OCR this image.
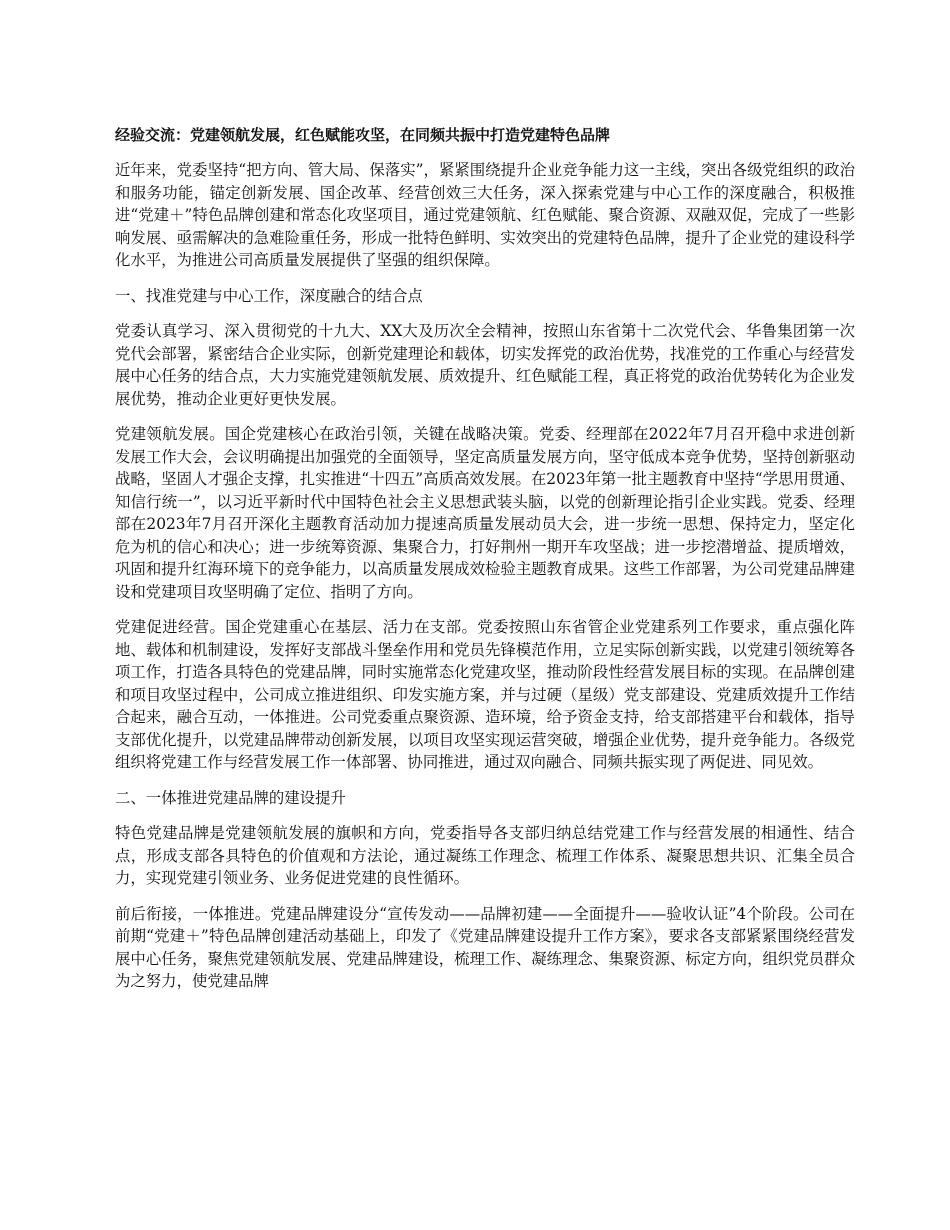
经验交流：党建领航发展，红色赋能攻坚，在同频共振中打造党建特色品牌
近年来，党委坚持“把方向、管大局、保落实”，紧紧围绕提升企业竞争能力这一主线，突出各级党组织的政治和服务功能，锚定创新发展、国企改革、经营创效三大任务，深入探索党建与中心工作的深度融合，积极推进“党建＋”特色品牌创建和常态化攻坚项目，通过党建领航、红色赋能、聚合资源、双融双促，完成了一些影响发展、亟需解决的急难险重任务，形成一批特色鲜明、实效突出的党建特色品牌，提升了企业党的建设科学化水平，为推进公司高质量发展提供了坚强的组织保障。
一、找准党建与中心工作，深度融合的结合点
党委认真学习、深入贯彻党的十九大、XX大及历次全会精神，按照山东省第十二次党代会、华鲁集团第一次党代会部署，紧密结合企业实际，创新党建理论和载体，切实发挥党的政治优势，找准党的工作重心与经营发展中心任务的结合点，大力实施党建领航发展、质效提升、红色赋能工程，真正将党的政治优势转化为企业发展优势，推动企业更好更快发展。
党建领航发展。国企党建核心在政治引领，关键在战略决策。党委、经理部在2022年7月召开稳中求进创新发展工作大会，会议明确提出加强党的全面领导，坚定高质量发展方向，坚守低成本竞争优势，坚持创新驱动战略，坚固人才强企支撑，扎实推进“十四五”高质高效发展。在2023年第一批主题教育中坚持“学思用贯通、知信行统一”，以习近平新时代中国特色社会主义思想武装头脑，以党的创新理论指引企业实践。党委、经理部在2023年7月召开深化主题教育活动加力提速高质量发展动员大会，进一步统一思想、保持定力，坚定化危为机的信心和决心；进一步统筹资源、集聚合力，打好荆州一期开车攻坚战；进一步挖潜增益、提质增效，巩固和提升红海环境下的竞争能力，以高质量发展成效检验主题教育成果。这些工作部署，为公司党建品牌建设和党建项目攻坚明确了定位、指明了方向。
党建促进经营。国企党建重心在基层、活力在支部。党委按照山东省管企业党建系列工作要求，重点强化阵地、载体和机制建设，发挥好支部战斗堡垒作用和党员先锋模范作用，立足实际创新实践，以党建引领统筹各项工作，打造各具特色的党建品牌，同时实施常态化党建攻坚，推动阶段性经营发展目标的实现。在品牌创建和项目攻坚过程中，公司成立推进组织、印发实施方案，并与过硬（星级）党支部建设、党建质效提升工作结合起来，融合互动，一体推进。公司党委重点聚资源、造环境，给予资金支持，给支部搭建平台和载体，指导支部优化提升，以党建品牌带动创新发展，以项目攻坚实现运营突破，增强企业优势，提升竞争能力。各级党组织将党建工作与经营发展工作一体部署、协同推进，通过双向融合、同频共振实现了两促进、同见效。
二、一体推进党建品牌的建设提升
特色党建品牌是党建领航发展的旗帜和方向，党委指导各支部归纳总结党建工作与经营发展的相通性、结合点，形成支部各具特色的价值观和方法论，通过凝练工作理念、梳理工作体系、凝聚思想共识、汇集全员合力，实现党建引领业务、业务促进党建的良性循环。
前后衔接，一体推进。党建品牌建设分“宣传发动——品牌初建——全面提升——验收认证”4个阶段。公司在前期“党建＋”特色品牌创建活动基础上，印发了《党建品牌建设提升工作方案》，要求各支部紧紧围绕经营发展中心任务，聚焦党建领航发展、党建品牌建设，梳理工作、凝练理念、集聚资源、标定方向，组织党员群众为之努力，使党建品牌
